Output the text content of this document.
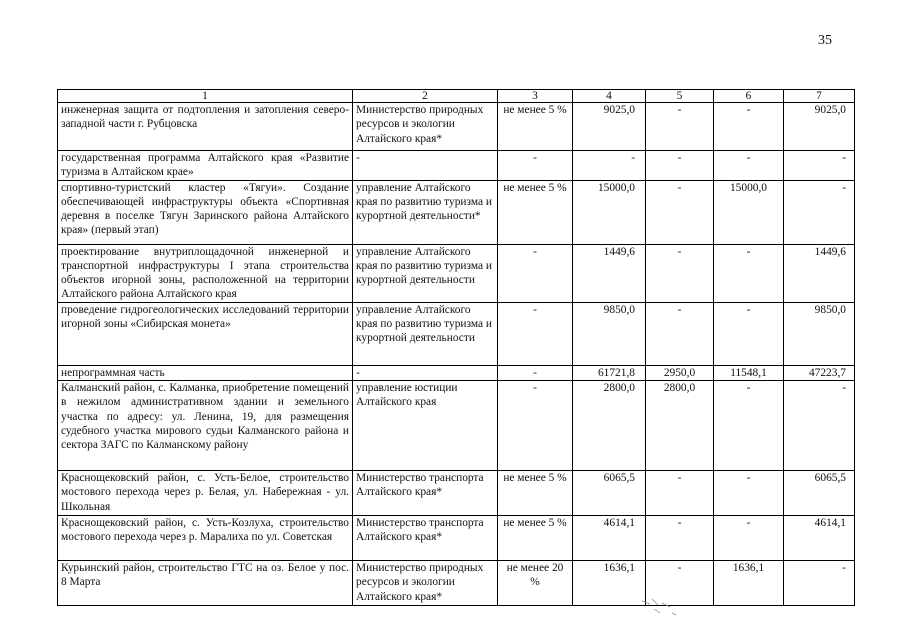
35
1	2	3	4	5	6	7
инженерная защита от подтопления и затопления северо-западной части г. Рубцовска	Министерство природных ресурсов и экологии Алтайского края*	не менее 5 %	9025,0	-	-	9025,0
государственная программа Алтайского края «Развитие туризма в Алтайском крае»	-	-	-	-	-	-
спортивно-туристский кластер «Тягуи». Создание обеспечивающей инфраструктуры объекта «Спортивная деревня в поселке Тягун Заринского района Алтайского края» (первый этап)	управление Алтайского края по развитию туризма и курортной деятельности*	не менее 5 %	15000,0	-	15000,0	-
проектирование внутриплощадочной инженерной и транспортной инфраструктуры I этапа строительства объектов игорной зоны, расположенной на территории Алтайского района Алтайского края	управление Алтайского края по развитию туризма и курортной деятельности	-	1449,6	-	-	1449,6
проведение гидрогеологических исследований территории игорной зоны «Сибирская монета»	управление Алтайского края по развитию туризма и курортной деятельности	-	9850,0	-	-	9850,0
непрограммная часть	-	-	61721,8	2950,0	11548,1	47223,7
Калманский район, с. Калманка, приобретение помещений в нежилом административном здании и земельного участка по адресу: ул. Ленина, 19, для размещения судебного участка мирового судьи Калманского района и сектора ЗАГС по Калманскому району	управление юстиции Алтайского края	-	2800,0	2800,0	-	-
Краснощековский район, с. Усть-Белое, строительство мостового перехода через р. Белая, ул. Набережная - ул. Школьная	Министерство транспорта Алтайского края*	не менее 5 %	6065,5	-	-	6065,5
Краснощековский район, с. Усть-Козлуха, строительство мостового перехода через р. Маралиха по ул. Советская	Министерство транспорта Алтайского края*	не менее 5 %	4614,1	-	-	4614,1
Курьинский район, строительство ГТС на оз. Белое у пос. 8 Марта	Министерство природных ресурсов и экологии Алтайского края*	не менее 20 %	1636,1	-	1636,1	-
